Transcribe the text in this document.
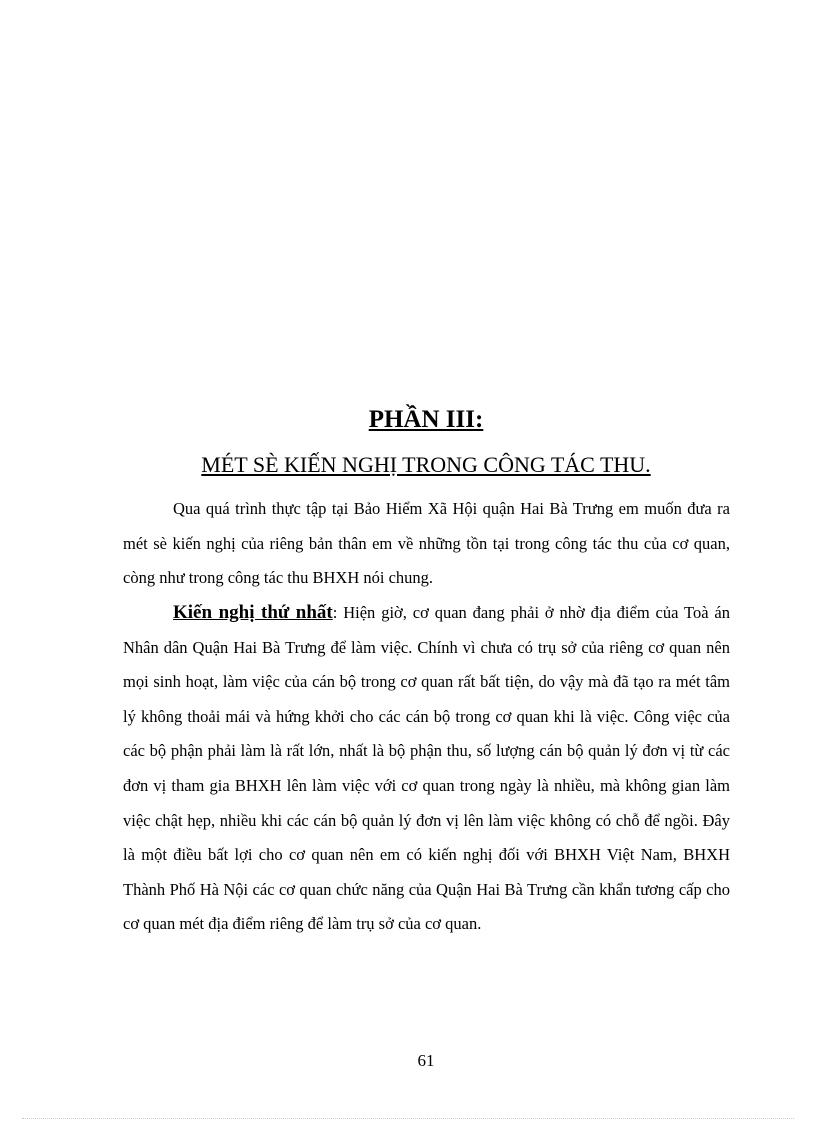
PHẦN III:
MÉT SÈ KIẾN NGHỊ TRONG CÔNG TÁC THU.

Qua quá trình thực tập tại Bảo Hiểm Xã Hội quận Hai Bà Trưng em muốn đưa ra mét sè kiến nghị của riêng bản thân em về những tồn tại trong công tác thu của cơ quan, còng như trong công tác thu BHXH nói chung.

Kiến nghị thứ nhất: Hiện giờ, cơ quan đang phải ở nhờ địa điểm của Toà án Nhân dân Quận Hai Bà Trưng để làm việc. Chính vì chưa có trụ sở của riêng cơ quan nên mọi sinh hoạt, làm việc của cán bộ trong cơ quan rất bất tiện, do vậy mà đã tạo ra mét tâm lý không thoải mái và hứng khởi cho các cán bộ trong cơ quan khi là việc. Công việc của các bộ phận phải làm là rất lớn, nhất là bộ phận thu, số lượng cán bộ quản lý đơn vị từ các đơn vị tham gia BHXH lên làm việc với cơ quan trong ngày là nhiều, mà không gian làm việc chật hẹp, nhiều khi các cán bộ quản lý đơn vị lên làm việc không có chỗ để ngồi. Đây là một điều bất lợi cho cơ quan nên em có kiến nghị đối với BHXH Việt Nam, BHXH Thành Phố Hà Nội các cơ quan chức năng của Quận Hai Bà Trưng cần khẩn tương cấp cho cơ quan mét địa điểm riêng để làm trụ sở của cơ quan.

61
